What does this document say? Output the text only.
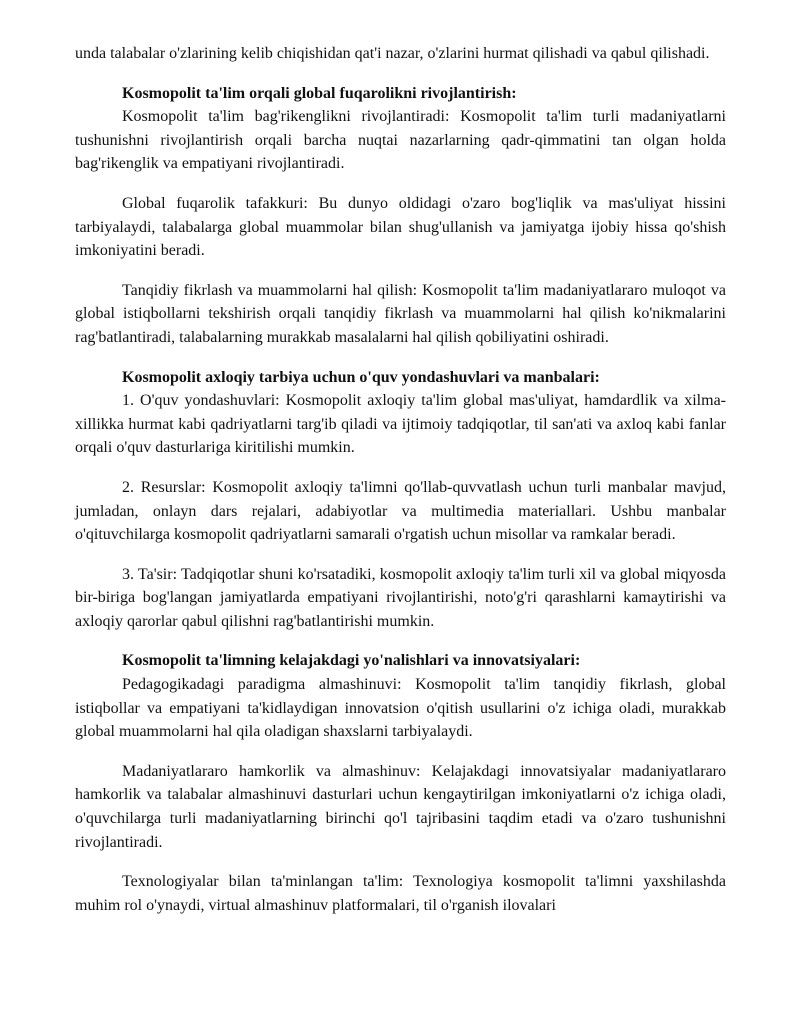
unda talabalar o'zlarining kelib chiqishidan qat'i nazar, o'zlarini hurmat qilishadi va qabul qilishadi.

Kosmopolit ta'lim orqali global fuqarolikni rivojlantirish:

Kosmopolit ta'lim bag'rikenglikni rivojlantiradi: Kosmopolit ta'lim turli madaniyatlarni tushunishni rivojlantirish orqali barcha nuqtai nazarlarning qadr-qimmatini tan olgan holda bag'rikenglik va empatiyani rivojlantiradi.

Global fuqarolik tafakkuri: Bu dunyo oldidagi o'zaro bog'liqlik va mas'uliyat hissini tarbiyalaydi, talabalarga global muammolar bilan shug'ullanish va jamiyatga ijobiy hissa qo'shish imkoniyatini beradi.

Tanqidiy fikrlash va muammolarni hal qilish: Kosmopolit ta'lim madaniyatlararo muloqot va global istiqbollarni tekshirish orqali tanqidiy fikrlash va muammolarni hal qilish ko'nikmalarini rag'batlantiradi, talabalarning murakkab masalalarni hal qilish qobiliyatini oshiradi.

Kosmopolit axloqiy tarbiya uchun o'quv yondashuvlari va manbalari:

1. O'quv yondashuvlari: Kosmopolit axloqiy ta'lim global mas'uliyat, hamdardlik va xilma-xillikka hurmat kabi qadriyatlarni targ'ib qiladi va ijtimoiy tadqiqotlar, til san'ati va axloq kabi fanlar orqali o'quv dasturlariga kiritilishi mumkin.

2. Resurslar: Kosmopolit axloqiy ta'limni qo'llab-quvvatlash uchun turli manbalar mavjud, jumladan, onlayn dars rejalari, adabiyotlar va multimedia materiallari. Ushbu manbalar o'qituvchilarga kosmopolit qadriyatlarni samarali o'rgatish uchun misollar va ramkalar beradi.

3. Ta'sir: Tadqiqotlar shuni ko'rsatadiki, kosmopolit axloqiy ta'lim turli xil va global miqyosda bir-biriga bog'langan jamiyatlarda empatiyani rivojlantirishi, noto'g'ri qarashlarni kamaytirishi va axloqiy qarorlar qabul qilishni rag'batlantirishi mumkin.

Kosmopolit ta'limning kelajakdagi yo'nalishlari va innovatsiyalari:

Pedagogikadagi paradigma almashinuvi: Kosmopolit ta'lim tanqidiy fikrlash, global istiqbollar va empatiyani ta'kidlaydigan innovatsion o'qitish usullarini o'z ichiga oladi, murakkab global muammolarni hal qila oladigan shaxslarni tarbiyalaydi.

Madaniyatlararo hamkorlik va almashinuv: Kelajakdagi innovatsiyalar madaniyatlararo hamkorlik va talabalar almashinuvi dasturlari uchun kengaytirilgan imkoniyatlarni o'z ichiga oladi, o'quvchilarga turli madaniyatlarning birinchi qo'l tajribasini taqdim etadi va o'zaro tushunishni rivojlantiradi.

Texnologiyalar bilan ta'minlangan ta'lim: Texnologiya kosmopolit ta'limni yaxshilashda muhim rol o'ynaydi, virtual almashinuv platformalari, til o'rganish ilovalari
